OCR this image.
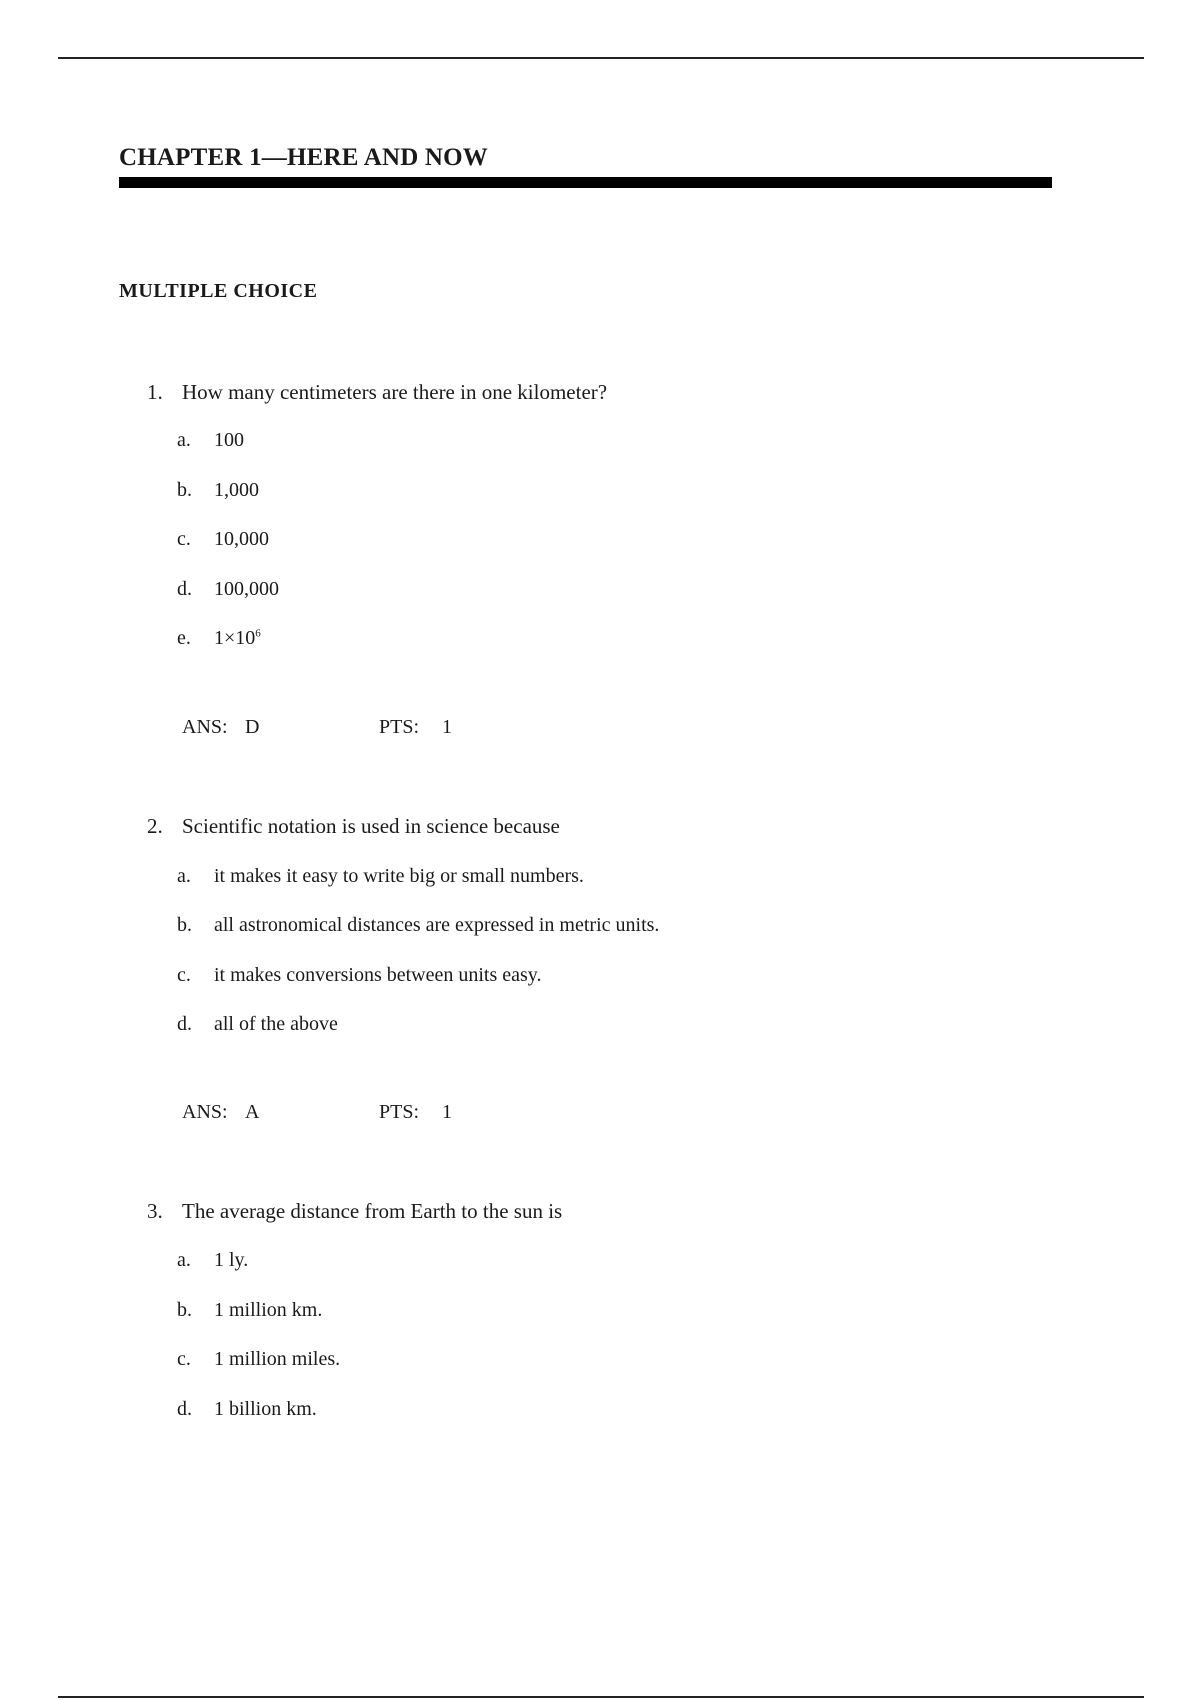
CHAPTER 1—HERE AND NOW
MULTIPLE CHOICE
1. How many centimeters are there in one kilometer?
a. 100
b. 1,000
c. 10,000
d. 100,000
e. $1\times 10^6$
ANS: D	PTS: 1
2. Scientific notation is used in science because
a. it makes it easy to write big or small numbers.
b. all astronomical distances are expressed in metric units.
c. it makes conversions between units easy.
d. all of the above
ANS: A	PTS: 1
3. The average distance from Earth to the sun is
a. 1 ly.
b. 1 million km.
c. 1 million miles.
d. 1 billion km.
